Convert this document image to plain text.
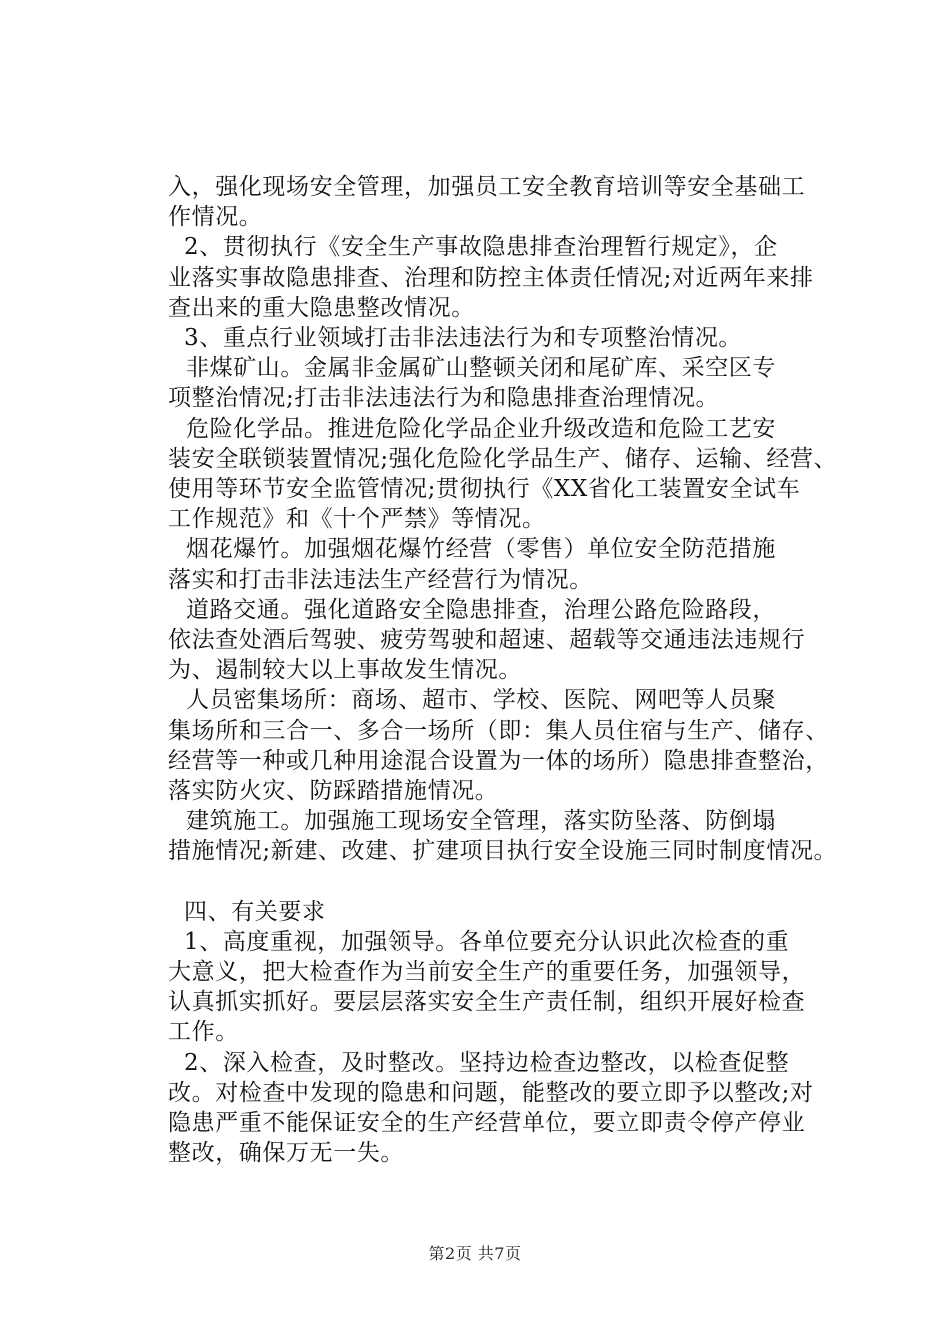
入，强化现场安全管理，加强员工安全教育培训等安全基础工

作情况。

2、贯彻执行《安全生产事故隐患排查治理暂行规定》，企

业落实事故隐患排查、治理和防控主体责任情况;对近两年来排

查出来的重大隐患整改情况。

3、重点行业领域打击非法违法行为和专项整治情况。

非煤矿山。金属非金属矿山整顿关闭和尾矿库、采空区专

项整治情况;打击非法违法行为和隐患排查治理情况。

危险化学品。推进危险化学品企业升级改造和危险工艺安

装安全联锁装置情况;强化危险化学品生产、储存、运输、经营、

使用等环节安全监管情况;贯彻执行《XX省化工装置安全试车

工作规范》和《十个严禁》等情况。

烟花爆竹。加强烟花爆竹经营（零售）单位安全防范措施

落实和打击非法违法生产经营行为情况。

道路交通。强化道路安全隐患排查，治理公路危险路段，

依法查处酒后驾驶、疲劳驾驶和超速、超载等交通违法违规行

为、遏制较大以上事故发生情况。

人员密集场所：商场、超市、学校、医院、网吧等人员聚

集场所和三合一、多合一场所（即：集人员住宿与生产、储存、

经营等一种或几种用途混合设置为一体的场所）隐患排查整治，

落实防火灾、防踩踏措施情况。

建筑施工。加强施工现场安全管理，落实防坠落、防倒塌

措施情况;新建、改建、扩建项目执行安全设施三同时制度情况。

四、有关要求

1、高度重视，加强领导。各单位要充分认识此次检查的重

大意义，把大检查作为当前安全生产的重要任务，加强领导，

认真抓实抓好。要层层落实安全生产责任制，组织开展好检查

工作。

2、深入检查，及时整改。坚持边检查边整改，以检查促整

改。对检查中发现的隐患和问题，能整改的要立即予以整改;对

隐患严重不能保证安全的生产经营单位，要立即责令停产停业

整改，确保万无一失。

第2页 共7页
